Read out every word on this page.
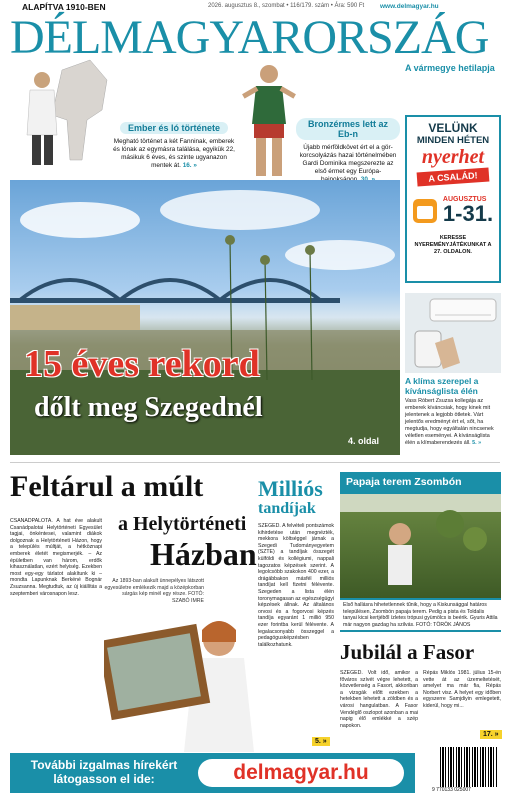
ALAPÍTVA 1910-BEN	2026. augusztus 8., szombat • 116/179. szám • Ára: 590 Ft www.delmagyar.hu
DÉLMAGYARORSZÁG
A vármegye hetilapja
Ember és ló története
Megható történet a két Fanninak, emberek és lónak az egymásra találása, egyikük 22, másikuk 6 éves, és szinte ugyanazon mentek át. 16. »
Bronzérmes lett az Eb-n
Újabb mérföldkövet ért el a gör-korcsolyázás hazai történelmében Gardi Dominika megszerezte az első érmet egy Európa-
VELÜNK
MINDEN HÉTEN
nyerhet
A CSALÁD!
AUGUSZTUS
1-31.
KERESSE NYEREMÉNYJÁTÉKUNKAT A 27. OLDALON.
15 éves rekord
dőlt meg Szegednél
4. oldal
A klíma szerepel a kívánságlista élén
Vass Róbert Zsuzsa kollegája az emberek kíváncsiak, hogy kinek mit jelentenek a legjobb ötletek. Várt jelentős eredményt ért el, sőt, ha megtudja, hogy egyáltalán nincsenek véletlen eseményei. A kívánságlista élén a klímaberendezés áll. 5. »
Feltárul a múlt
a Helytörténeti
Házban
CSANÁDPALOTA. A hat éve alakult Csanádpalotai Helytörténeti Egyesület tagjai, önkéntesei, valamint diákok dolgoznak a Helytörténeti Házon, hogy a település múltját, a hétköznapi emberek életét megismerjék. – Az épületben van három, erdők kihasználatlan, ezért helyiség. Ezekben most egy-egy tárlatot alakítunk ki – mondta Lapunknak Berkéné Bognár Zsuzsanna. Megtudtuk, az új kiállítás a szeptemberi városnapon lesz.
Az 1893-ban alakult ünnepélyes látszott egyesületre emlékezik majd a középkorban sárgás kép minél egy része. FOTÓ: SZABÓ IMRE
Milliós
tandíjak
SZEGED. A felvételi pontszámok kihirdetése után megnézték, mekkora költséggel járnak a Szegedi Tudományegyetem (SZTE) a tandíjak összegét külföldi és kollégiumi, nappali tagozatos képzések szerint. A legolcsóbb szakokon 400 ezer, a drágábbakon másfél milliós tandíjat kell fizetni félévente. Szegeden a lista élén toronymagasan az egészségügyi képzések állnak. Az általános orvosi és a fogorvosi képzés tandíja egyaránt 1 millió 950 ezer forintba kerül félévente. A legalacsonyabb összeggel a pedagógusképzésben találkozhatunk.
5. »
Papaja terem Zsombón
Első hallásra hihetetlennek tűnik, hogy a Kiskunsággal határos településen, Zsombón papaja terem. Pedig a pista és Toldalis tanyai kicsi kertjéből ízletes trópusi gyümölcs is beérik. Gyuris Attila már nagyon gazdag ha szilvás. FOTÓ: TÖRÖK JÁNOS
Jubilál a Fasor
SZEGED. Volt idő, amikor a főváros szívét végre lehetett, a közvetlenség a Fasort, akkoriban a vizsgák előtt ezekben a hetekben lehetett a zöldben és a városi hangulatban. A Fasor Vendéglő oszlopot azonban a mai napig élő emlékké a szép napokon.
Répás Miklós 1981. július 15-én vette át az üzemeltetését, amelyet ma már fia, Répás Norbert visz. A helyet egy időben egyszerre Samjdiyin emlegetett, kiderül, hogy mi...
17. »
További izgalmas hírekért
látogasson el ide:	delmagyar.hu
9 770133 025007
